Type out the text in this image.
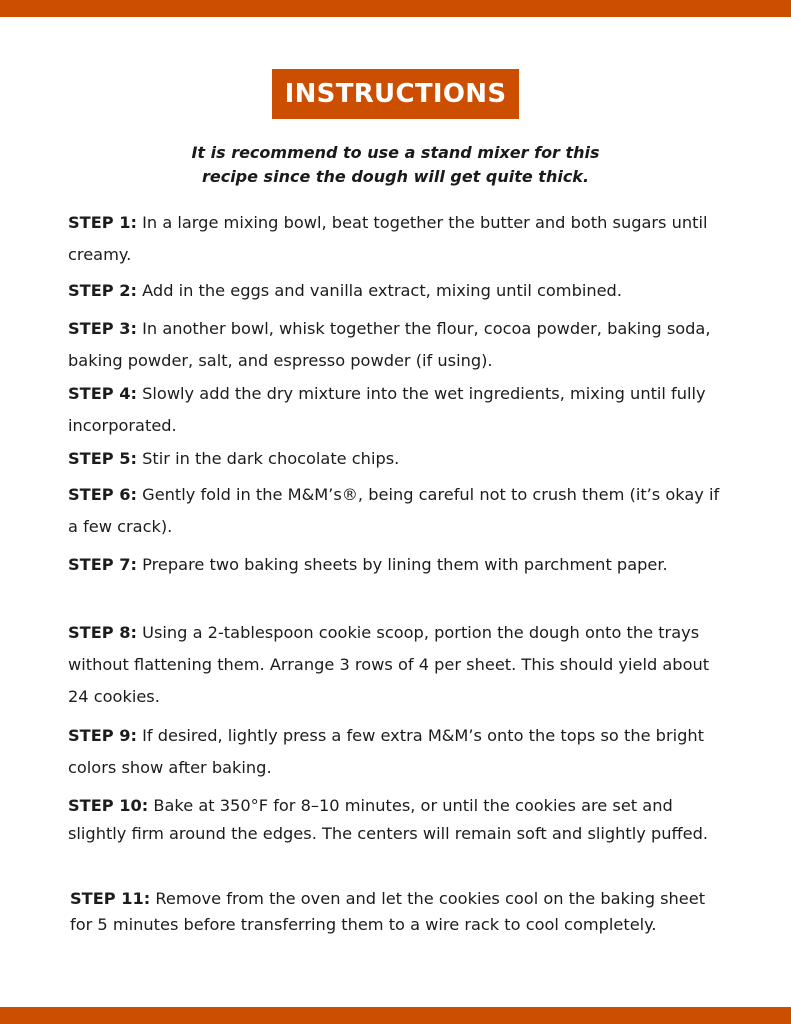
INSTRUCTIONS
It is recommend to use a stand mixer for this
recipe since the dough will get quite thick.
STEP 1: In a large mixing bowl, beat together the butter and both sugars until creamy.
STEP 2: Add in the eggs and vanilla extract, mixing until combined.
STEP 3: In another bowl, whisk together the flour, cocoa powder, baking soda, baking powder, salt, and espresso powder (if using).
STEP 4: Slowly add the dry mixture into the wet ingredients, mixing until fully incorporated.
STEP 5: Stir in the dark chocolate chips.
STEP 6: Gently fold in the M&M’s®, being careful not to crush them (it’s okay if a few crack).
STEP 7: Prepare two baking sheets by lining them with parchment paper.
STEP 8: Using a 2-tablespoon cookie scoop, portion the dough onto the trays without flattening them. Arrange 3 rows of 4 per sheet. This should yield about 24 cookies.
STEP 9: If desired, lightly press a few extra M&M’s onto the tops so the bright colors show after baking.
STEP 10: Bake at 350°F for 8–10 minutes, or until the cookies are set and slightly firm around the edges. The centers will remain soft and slightly puffed.
STEP 11: Remove from the oven and let the cookies cool on the baking sheet for 5 minutes before transferring them to a wire rack to cool completely.
